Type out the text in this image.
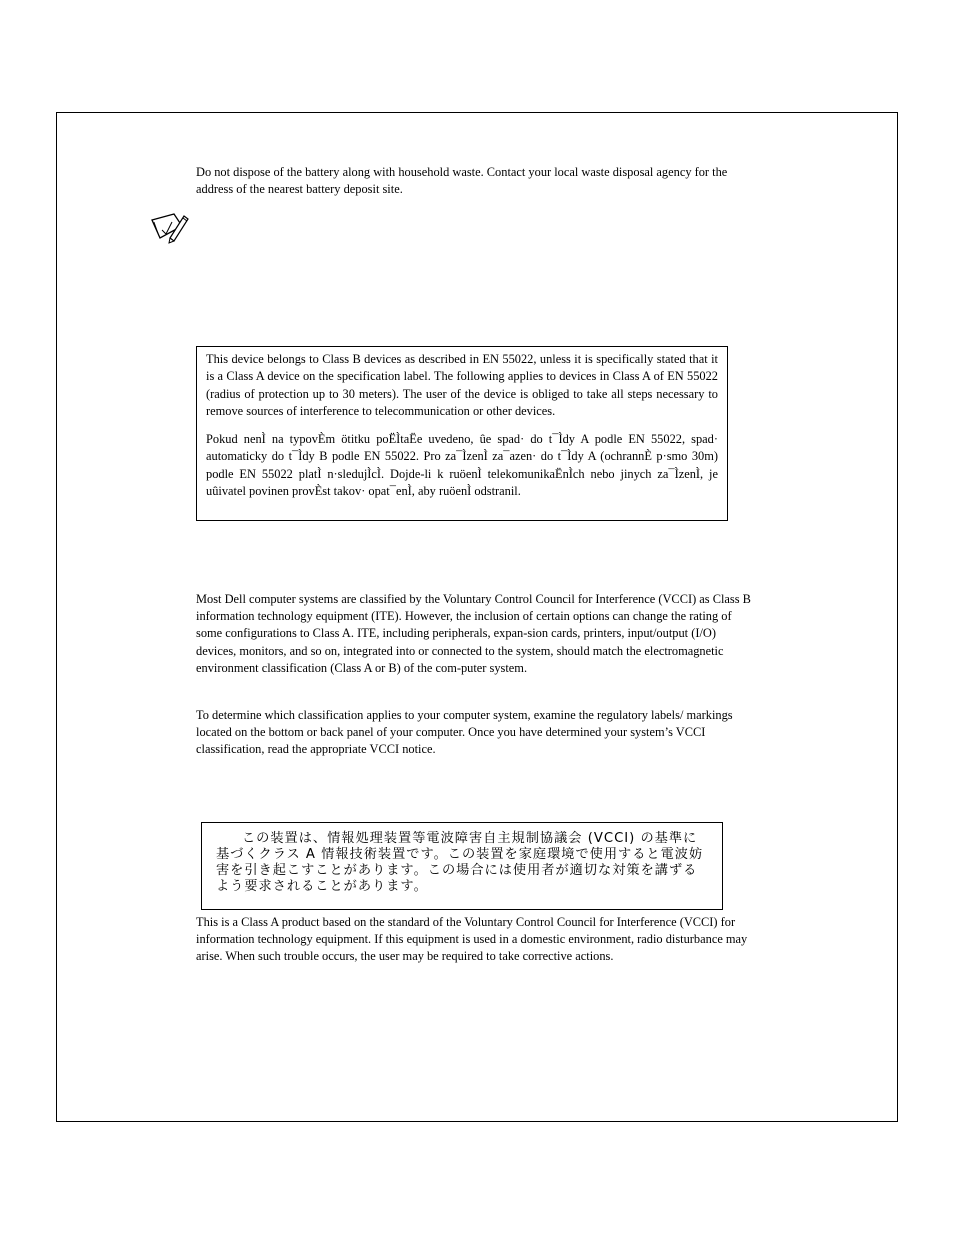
Do not dispose of the battery along with household waste. Contact your local waste disposal agency for the address of the nearest battery deposit site.

This device belongs to Class B devices as described in EN 55022, unless it is specifically stated that it is a Class A device on the specification label. The following applies to devices in Class A of EN 55022 (radius of protection up to 30 meters). The user of the device is obliged to take all steps necessary to remove sources of interference to telecommunication or other devices.

Pokud nenÌ na typovÈm ötitku poËÌtaËe uvedeno, ûe spad· do t¯Ìdy A podle EN 55022, spad· automaticky do t¯Ìdy B podle EN 55022. Pro za¯ÌzenÌ za¯azen· do t¯Ìdy A (ochrannÈ p·smo 30m) podle EN 55022 platÌ n·sledujÌcÌ. Dojde-li k ruöenÌ telekomunikaËnÌch nebo jinych za¯ÌzenÌ, je uûivatel povinen provÈst takov· opat¯enÌ, aby ruöenÌ odstranil.

Most Dell computer systems are classified by the Voluntary Control Council for Interference (VCCI) as Class B information technology equipment (ITE). However, the inclusion of certain options can change the rating of some configurations to Class A. ITE, including peripherals, expan-sion cards, printers, input/output (I/O) devices, monitors, and so on, integrated into or connected to the system, should match the electromagnetic environment classification (Class A or B) of the com-puter system.

To determine which classification applies to your computer system, examine the regulatory labels/ markings located on the bottom or back panel of your computer. Once you have determined your system’s VCCI classification, read the appropriate VCCI notice.

この装置は、情報処理装置等電波障害自主規制協議会 (VCCI) の基準に基づくクラス A 情報技術装置です。この装置を家庭環境で使用すると電波妨害を引き起こすことがあります。この場合には使用者が適切な対策を講ずるよう要求されることがあります。

This is a Class A product based on the standard of the Voluntary Control Council for Interference (VCCI) for information technology equipment. If this equipment is used in a domestic environment, radio disturbance may arise. When such trouble occurs, the user may be required to take corrective actions.
